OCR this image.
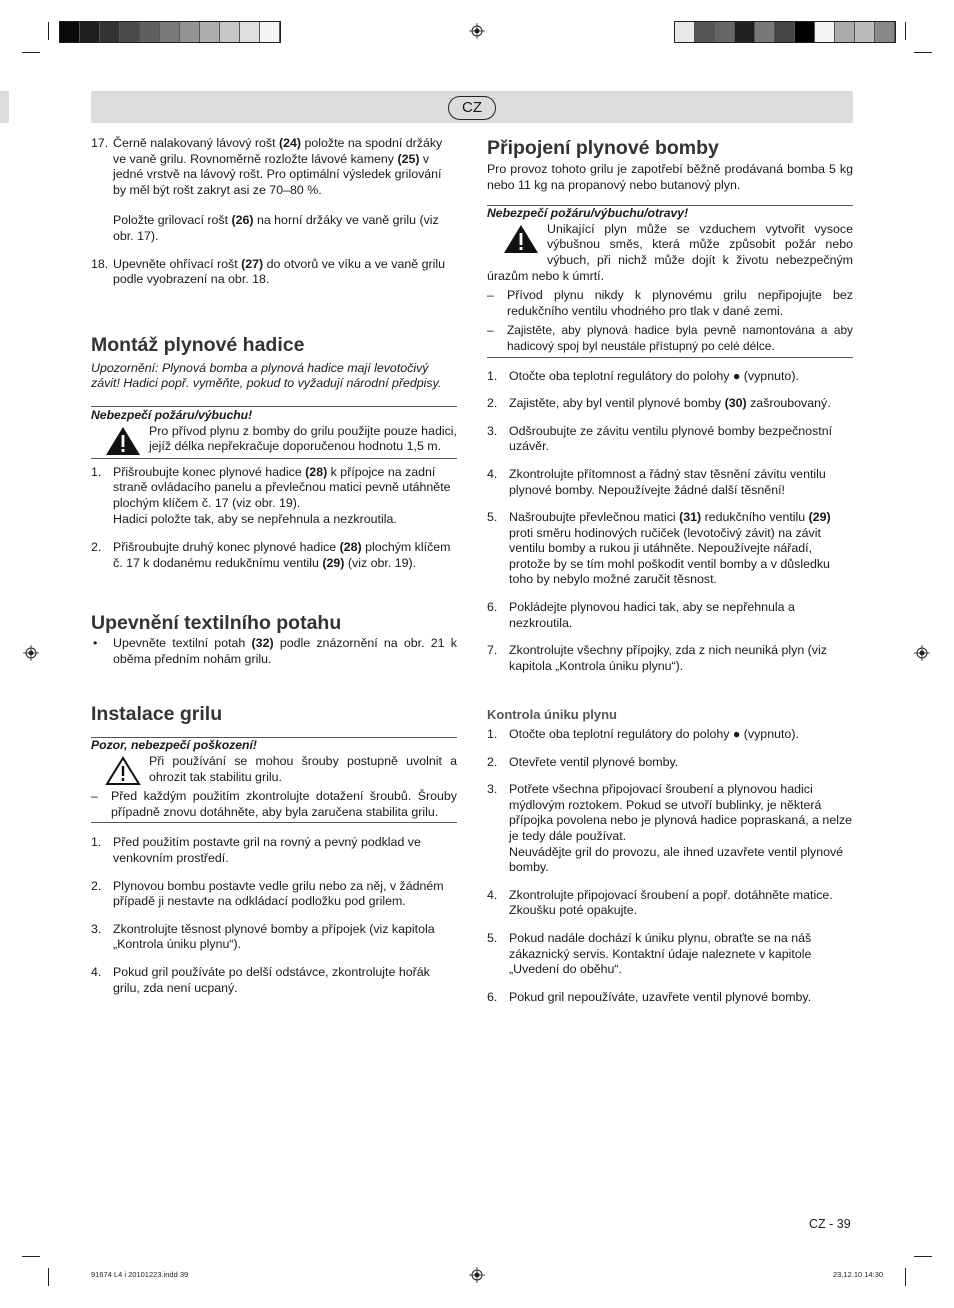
CZ
17. Černě nalakovaný lávový rošt (24) položte na spodní držáky ve vaně grilu. Rovnoměrně rozložte lávové kameny (25) v jedné vrstvě na lávový rošt. Pro optimální výsledek grilování by měl být rošt zakryt asi ze 70–80 %.

Položte grilovací rošt (26) na horní držáky ve vaně grilu (viz obr. 17).

18. Upevněte ohřívací rošt (27) do otvorů ve víku a ve vaně grilu podle vyobrazení na obr. 18.
Montáž plynové hadice

Upozornění: Plynová bomba a plynová hadice mají levotočivý závit! Hadici popř. vyměňte, pokud to vyžadují národní předpisy.

Nebezpečí požáru/výbuchu!
Pro přívod plynu z bomby do grilu použijte pouze hadici, jejíž délka nepřekračuje doporučenou hodnotu 1,5 m.
1. Přišroubujte konec plynové hadice (28) k přípojce na zadní straně ovládacího panelu a převlečnou matici pevně utáhněte plochým klíčem č. 17 (viz obr. 19).
Hadici položte tak, aby se nepřehnula a nezkroutila.
2. Přišroubujte druhý konec plynové hadice (28) plochým klíčem č. 17 k dodanému redukčnímu ventilu (29) (viz obr. 19).
Upevnění textilního potahu
•	Upevněte textilní potah (32) podle znázornění na obr. 21 k oběma předním nohám grilu.
Instalace grilu
Pozor, nebezpečí poškození!
Při používání se mohou šrouby postupně uvolnit a ohrozit tak stabilitu grilu.
–	Před každým použitím zkontrolujte dotažení šroubů. Šrouby případně znovu dotáhněte, aby byla zaručena stabilita grilu.
1. Před použitím postavte gril na rovný a pevný podklad ve venkovním prostředí.
2. Plynovou bombu postavte vedle grilu nebo za něj, v žádném případě ji nestavte na odkládací podložku pod grilem.
3. Zkontrolujte těsnost plynové bomby a přípojek (viz kapitola „Kontrola úniku plynu“).
4. Pokud gril používáte po delší odstávce, zkontrolujte hořák grilu, zda není ucpaný.
Připojení plynové bomby

Pro provoz tohoto grilu je zapotřebí běžně prodávaná bomba 5 kg nebo 11 kg na propanový nebo butanový plyn.

Nebezpečí požáru/výbuchu/otravy!
Unikající plyn může se vzduchem vytvořit vysoce výbušnou směs, která může způsobit požár nebo výbuch, při nichž může dojít k životu nebezpečným úrazům nebo k úmrtí.
–	Přívod plynu nikdy k plynovému grilu nepřipojujte bez redukčního ventilu vhodného pro tlak v dané zemi.
–	Zajistěte, aby plynová hadice byla pevně namontována a aby hadicový spoj byl neustále přístupný po celé délce.
1. Otočte oba teplotní regulátory do polohy ● (vypnuto).
2. Zajistěte, aby byl ventil plynové bomby (30) zašroubovaný.
3. Odšroubujte ze závitu ventilu plynové bomby bezpečnostní uzávěr.
4. Zkontrolujte přítomnost a řádný stav těsnění závitu ventilu plynové bomby. Nepoužívejte žádné další těsnění!
5. Našroubujte převlečnou matici (31) redukčního ventilu (29) proti směru hodinových ručiček (levotočivý závit) na závit ventilu bomby a rukou ji utáhněte. Nepoužívejte nářadí, protože by se tím mohl poškodit ventil bomby a v důsledku toho by nebylo možné zaručit těsnost.
6. Pokládejte plynovou hadici tak, aby se nepřehnula a nezkroutila.
7. Zkontrolujte všechny přípojky, zda z nich neuniká plyn (viz kapitola „Kontrola úniku plynu“).
Kontrola úniku plynu
1. Otočte oba teplotní regulátory do polohy ● (vypnuto).
2. Otevřete ventil plynové bomby.
3. Potřete všechna připojovací šroubení a plynovou hadici mýdlovým roztokem. Pokud se utvoří bublinky, je některá přípojka povolena nebo je plynová hadice popraskaná, a nelze je tedy dále používat.
Neuvádějte gril do provozu, ale ihned uzavřete ventil plynové bomby.
4. Zkontrolujte připojovací šroubení a popř. dotáhněte matice. Zkoušku poté opakujte.
5. Pokud nadále dochází k úniku plynu, obraťte se na náš zákaznický servis. Kontaktní údaje naleznete v kapitole „Uvedení do oběhu“.
6. Pokud gril nepoužíváte, uzavřete ventil plynové bomby.
CZ - 39
91674 L4 i 20101223.indd 39	23.12.10 14:30
